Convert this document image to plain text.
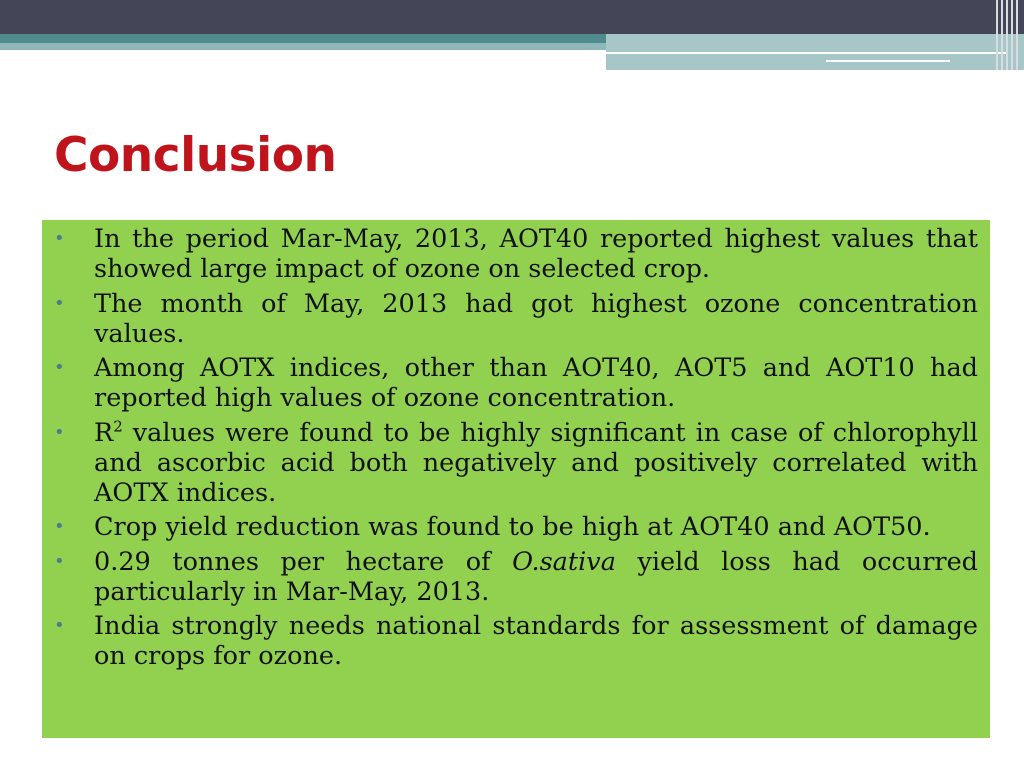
Conclusion
• In the period Mar-May, 2013, AOT40 reported highest values that showed large impact of ozone on selected crop.
• The month of May, 2013 had got highest ozone concentration values.
• Among AOTX indices, other than AOT40, AOT5 and AOT10 had reported high values of ozone concentration.
• $R^2$ values were found to be highly significant in case of chlorophyll and ascorbic acid both negatively and positively correlated with AOTX indices.
• Crop yield reduction was found to be high at AOT40 and AOT50.
• 0.29 tonnes per hectare of O.sativa yield loss had occurred particularly in Mar-May, 2013.
• India strongly needs national standards for assessment of damage on crops for ozone.
